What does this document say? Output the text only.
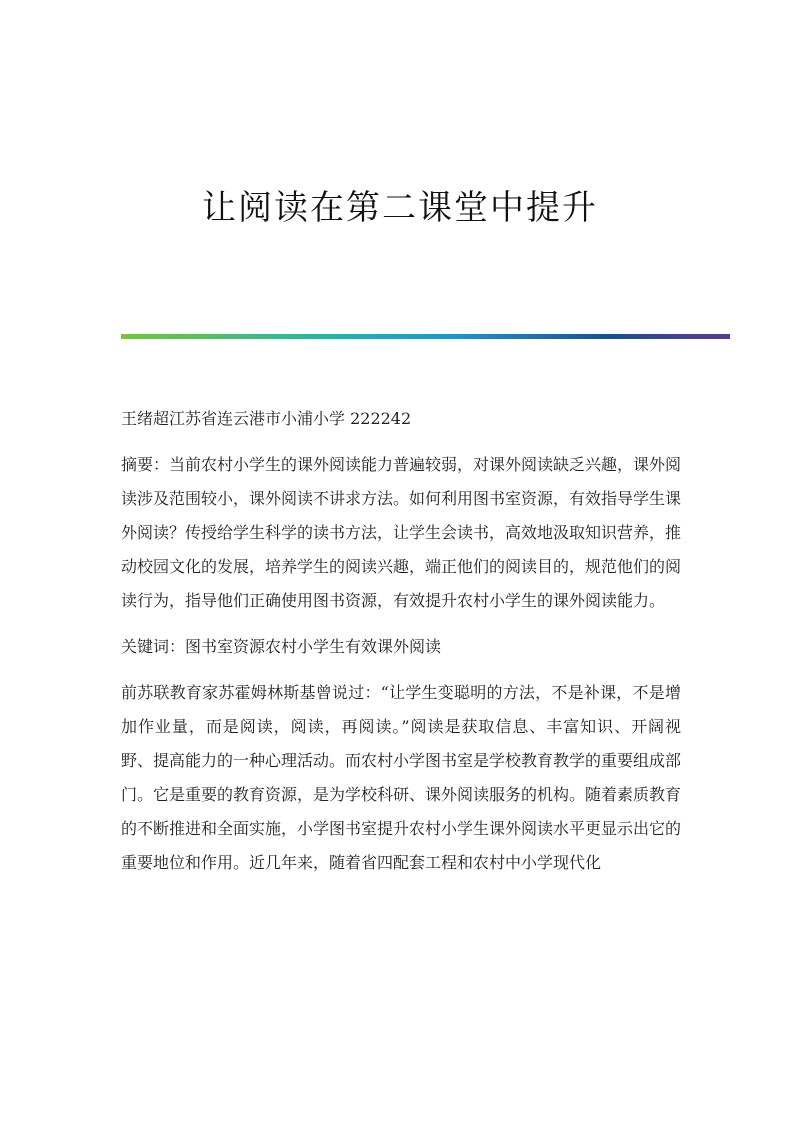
让阅读在第二课堂中提升

王绪超江苏省连云港市小浦小学 222242

摘要：当前农村小学生的课外阅读能力普遍较弱，对课外阅读缺乏兴趣，课外阅读涉及范围较小，课外阅读不讲求方法。如何利用图书室资源，有效指导学生课外阅读？传授给学生科学的读书方法，让学生会读书，高效地汲取知识营养，推动校园文化的发展，培养学生的阅读兴趣，端正他们的阅读目的，规范他们的阅读行为，指导他们正确使用图书资源，有效提升农村小学生的课外阅读能力。

关键词：图书室资源农村小学生有效课外阅读

前苏联教育家苏霍姆林斯基曾说过：“让学生变聪明的方法，不是补课，不是增加作业量，而是阅读，阅读，再阅读。”阅读是获取信息、丰富知识、开阔视野、提高能力的一种心理活动。而农村小学图书室是学校教育教学的重要组成部门。它是重要的教育资源，是为学校科研、课外阅读服务的机构。随着素质教育的不断推进和全面实施，小学图书室提升农村小学生课外阅读水平更显示出它的重要地位和作用。近几年来，随着省四配套工程和农村中小学现代化
